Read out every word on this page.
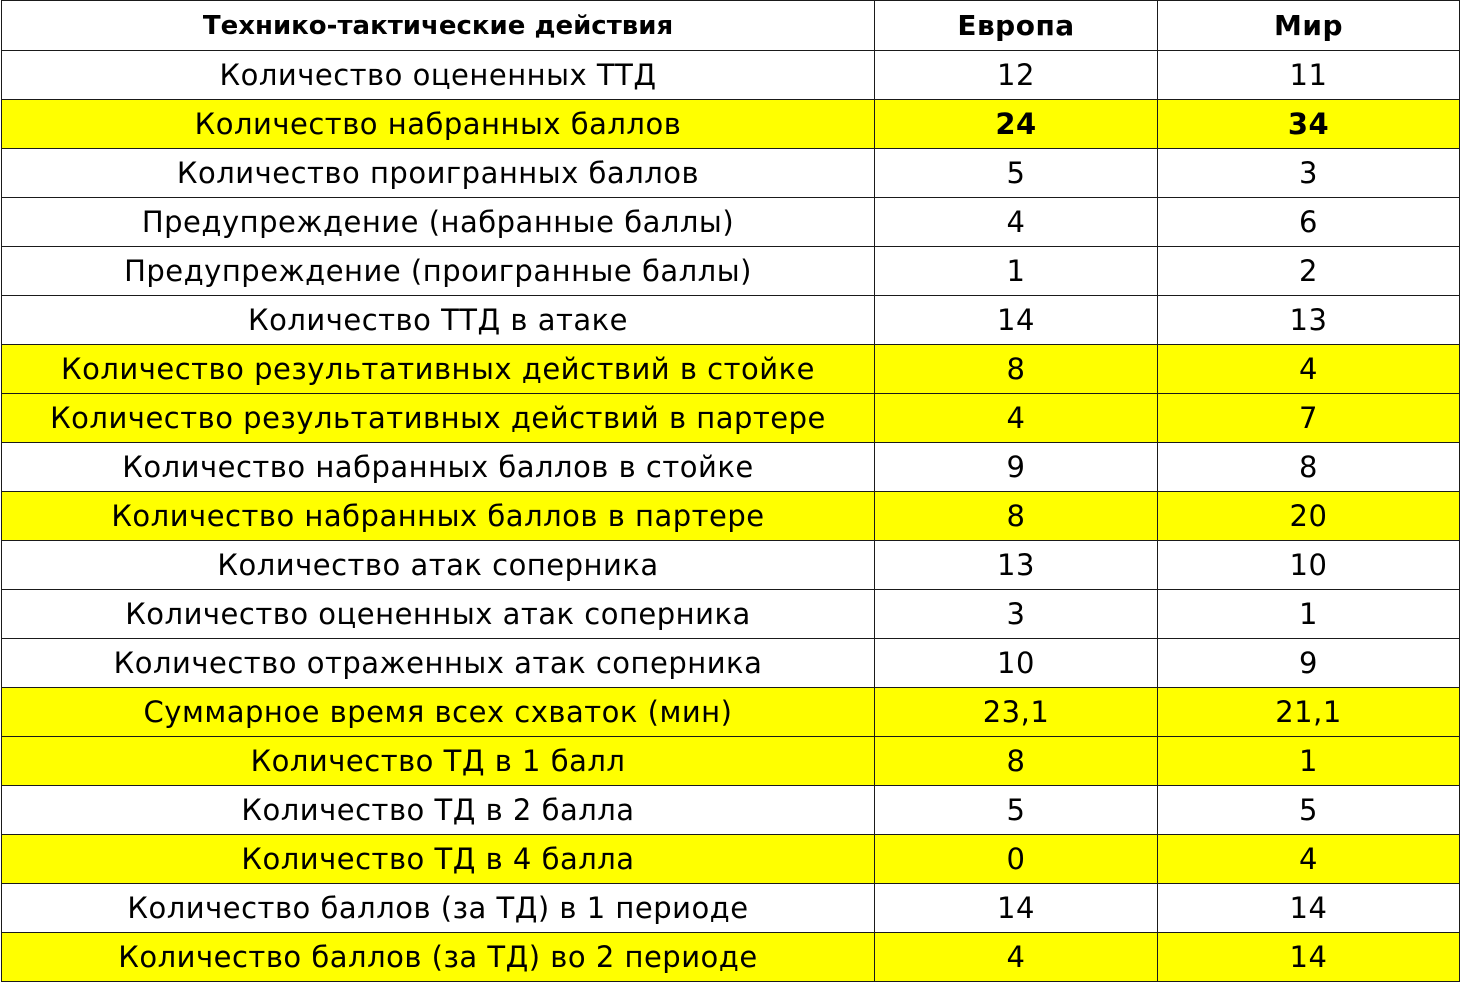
Технико-тактические действия	Европа	Мир
Количество оцененных ТТД	12	11
Количество набранных баллов	24	34
Количество проигранных баллов	5	3
Предупреждение (набранные баллы)	4	6
Предупреждение (проигранные баллы)	1	2
Количество ТТД в атаке	14	13
Количество результативных действий в стойке	8	4
Количество результативных действий в партере	4	7
Количество набранных баллов в стойке	9	8
Количество набранных баллов в партере	8	20
Количество атак соперника	13	10
Количество оцененных атак соперника	3	1
Количество отраженных атак соперника	10	9
Суммарное время всех схваток (мин)	23,1	21,1
Количество ТД в 1 балл	8	1
Количество ТД в 2 балла	5	5
Количество ТД в 4 балла	0	4
Количество баллов (за ТД) в 1 периоде	14	14
Количество баллов (за ТД) во 2 периоде	4	14
